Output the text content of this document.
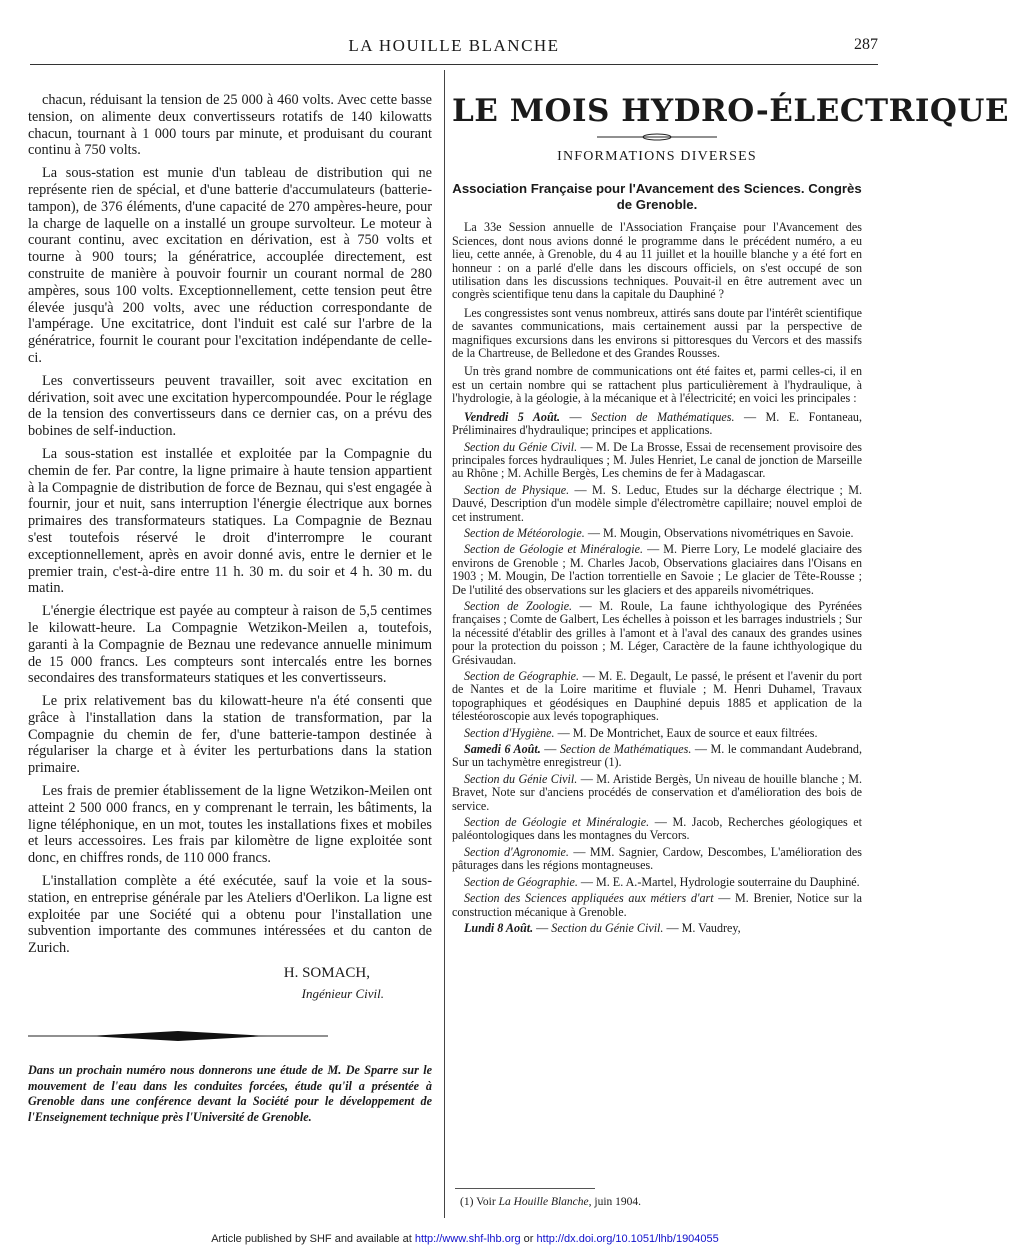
LA HOUILLE BLANCHE	287

chacun, réduisant la tension de 25 000 à 460 volts. Avec cette basse tension, on alimente deux convertisseurs rotatifs de 140 kilowatts chacun, tournant à 1 000 tours par minute, et produisant du courant continu à 750 volts.

La sous-station est munie d'un tableau de distribution qui ne représente rien de spécial, et d'une batterie d'accumulateurs (batterie-tampon), de 376 éléments, d'une capacité de 270 ampères-heure, pour la charge de laquelle on a installé un groupe survolteur. Le moteur à courant continu, avec excitation en dérivation, est à 750 volts et tourne à 900 tours; la génératrice, accouplée directement, est construite de manière à pouvoir fournir un courant normal de 280 ampères, sous 100 volts. Exceptionnellement, cette tension peut être élevée jusqu'à 200 volts, avec une réduction correspondante de l'ampérage. Une excitatrice, dont l'induit est calé sur l'arbre de la génératrice, fournit le courant pour l'excitation indépendante de celle-ci.

Les convertisseurs peuvent travailler, soit avec excitation en dérivation, soit avec une excitation hypercompoundée. Pour le réglage de la tension des convertisseurs dans ce dernier cas, on a prévu des bobines de self-induction.

La sous-station est installée et exploitée par la Compagnie du chemin de fer. Par contre, la ligne primaire à haute tension appartient à la Compagnie de distribution de force de Beznau, qui s'est engagée à fournir, jour et nuit, sans interruption l'énergie électrique aux bornes primaires des transformateurs statiques. La Compagnie de Beznau s'est toutefois réservé le droit d'interrompre le courant exceptionnellement, après en avoir donné avis, entre le dernier et le premier train, c'est-à-dire entre 11 h. 30 m. du soir et 4 h. 30 m. du matin.

L'énergie électrique est payée au compteur à raison de 5,5 centimes le kilowatt-heure. La Compagnie Wetzikon-Meilen a, toutefois, garanti à la Compagnie de Beznau une redevance annuelle minimum de 15 000 francs. Les compteurs sont intercalés entre les bornes secondaires des transformateurs statiques et les convertisseurs.

Le prix relativement bas du kilowatt-heure n'a été consenti que grâce à l'installation dans la station de transformation, par la Compagnie du chemin de fer, d'une batterie-tampon destinée à régulariser la charge et à éviter les perturbations dans la station primaire.

Les frais de premier établissement de la ligne Wetzikon-Meilen ont atteint 2 500 000 francs, en y comprenant le terrain, les bâtiments, la ligne téléphonique, en un mot, toutes les installations fixes et mobiles et leurs accessoires. Les frais par kilomètre de ligne exploitée sont donc, en chiffres ronds, de 110 000 francs.

L'installation complète a été exécutée, sauf la voie et la sous-station, en entreprise générale par les Ateliers d'Oerlikon. La ligne est exploitée par une Société qui a obtenu pour l'installation une subvention importante des communes intéressées et du canton de Zurich.

H. SOMACH,
Ingénieur Civil.
Dans un prochain numéro nous donnerons une étude de M. De Sparre sur le mouvement de l'eau dans les conduites forcées, étude qu'il a présentée à Grenoble dans une conférence devant la Société pour le développement de l'Enseignement technique près l'Université de Grenoble.
LE MOIS HYDRO-ÉLECTRIQUE
INFORMATIONS DIVERSES
Association Française pour l'Avancement des Sciences. Congrès de Grenoble.

La 33e Session annuelle de l'Association Française pour l'Avancement des Sciences, dont nous avions donné le programme dans le précédent numéro, a eu lieu, cette année, à Grenoble, du 4 au 11 juillet et la houille blanche y a été fort en honneur : on a parlé d'elle dans les discours officiels, on s'est occupé de son utilisation dans les discussions techniques. Pouvait-il en être autrement avec un congrès scientifique tenu dans la capitale du Dauphiné ?

Les congressistes sont venus nombreux, attirés sans doute par l'intérêt scientifique de savantes communications, mais certainement aussi par la perspective de magnifiques excursions dans les environs si pittoresques du Vercors et des massifs de la Chartreuse, de Belledone et des Grandes Rousses.

Un très grand nombre de communications ont été faites et, parmi celles-ci, il en est un certain nombre qui se rattachent plus particulièrement à l'hydraulique, à l'hydrologie, à la géologie, à la mécanique et à l'électricité; en voici les principales :

Vendredi 5 Août. — Section de Mathématiques. — M. E. Fontaneau, Préliminaires d'hydraulique; principes et applications.

Section du Génie Civil. — M. De La Brosse, Essai de recensement provisoire des principales forces hydrauliques ; M. Jules Henriet, Le canal de jonction de Marseille au Rhône ; M. Achille Bergès, Les chemins de fer à Madagascar.

Section de Physique. — M. S. Leduc, Etudes sur la décharge électrique ; M. Dauvé, Description d'un modèle simple d'électromètre capillaire; nouvel emploi de cet instrument.

Section de Météorologie. — M. Mougin, Observations nivométriques en Savoie.

Section de Géologie et Minéralogie. — M. Pierre Lory, Le modelé glaciaire des environs de Grenoble ; M. Charles Jacob, Observations glaciaires dans l'Oisans en 1903 ; M. Mougin, De l'action torrentielle en Savoie ; Le glacier de Tête-Rousse ; De l'utilité des observations sur les glaciers et des appareils nivométriques.

Section de Zoologie. — M. Roule, La faune ichthyologique des Pyrénées françaises ; Comte de Galbert, Les échelles à poisson et les barrages industriels ; Sur la nécessité d'établir des grilles à l'amont et à l'aval des canaux des grandes usines pour la protection du poisson ; M. Léger, Caractère de la faune ichthyologique du Grésivaudan.

Section de Géographie. — M. E. Degault, Le passé, le présent et l'avenir du port de Nantes et de la Loire maritime et fluviale ; M. Henri Duhamel, Travaux topographiques et géodésiques en Dauphiné depuis 1885 et application de la télestéoroscopie aux levés topographiques.

Section d'Hygiène. — M. De Montrichet, Eaux de source et eaux filtrées.

Samedi 6 Août. — Section de Mathématiques. — M. le commandant Audebrand, Sur un tachymètre enregistreur (1).

Section du Génie Civil. — M. Aristide Bergès, Un niveau de houille blanche ; M. Bravet, Note sur d'anciens procédés de conservation et d'amélioration des bois de service.

Section de Géologie et Minéralogie. — M. Jacob, Recherches géologiques et paléontologiques dans les montagnes du Vercors.

Section d'Agronomie. — MM. Sagnier, Cardow, Descombes, L'amélioration des pâturages dans les régions montagneuses.

Section de Géographie. — M. E. A.-Martel, Hydrologie souterraine du Dauphiné.

Section des Sciences appliquées aux métiers d'art — M. Brenier, Notice sur la construction mécanique à Grenoble.

Lundi 8 Août. — Section du Génie Civil. — M. Vaudrey,

(1) Voir La Houille Blanche, juin 1904.
Article published by SHF and available at http://www.shf-lhb.org or http://dx.doi.org/10.1051/lhb/1904055
